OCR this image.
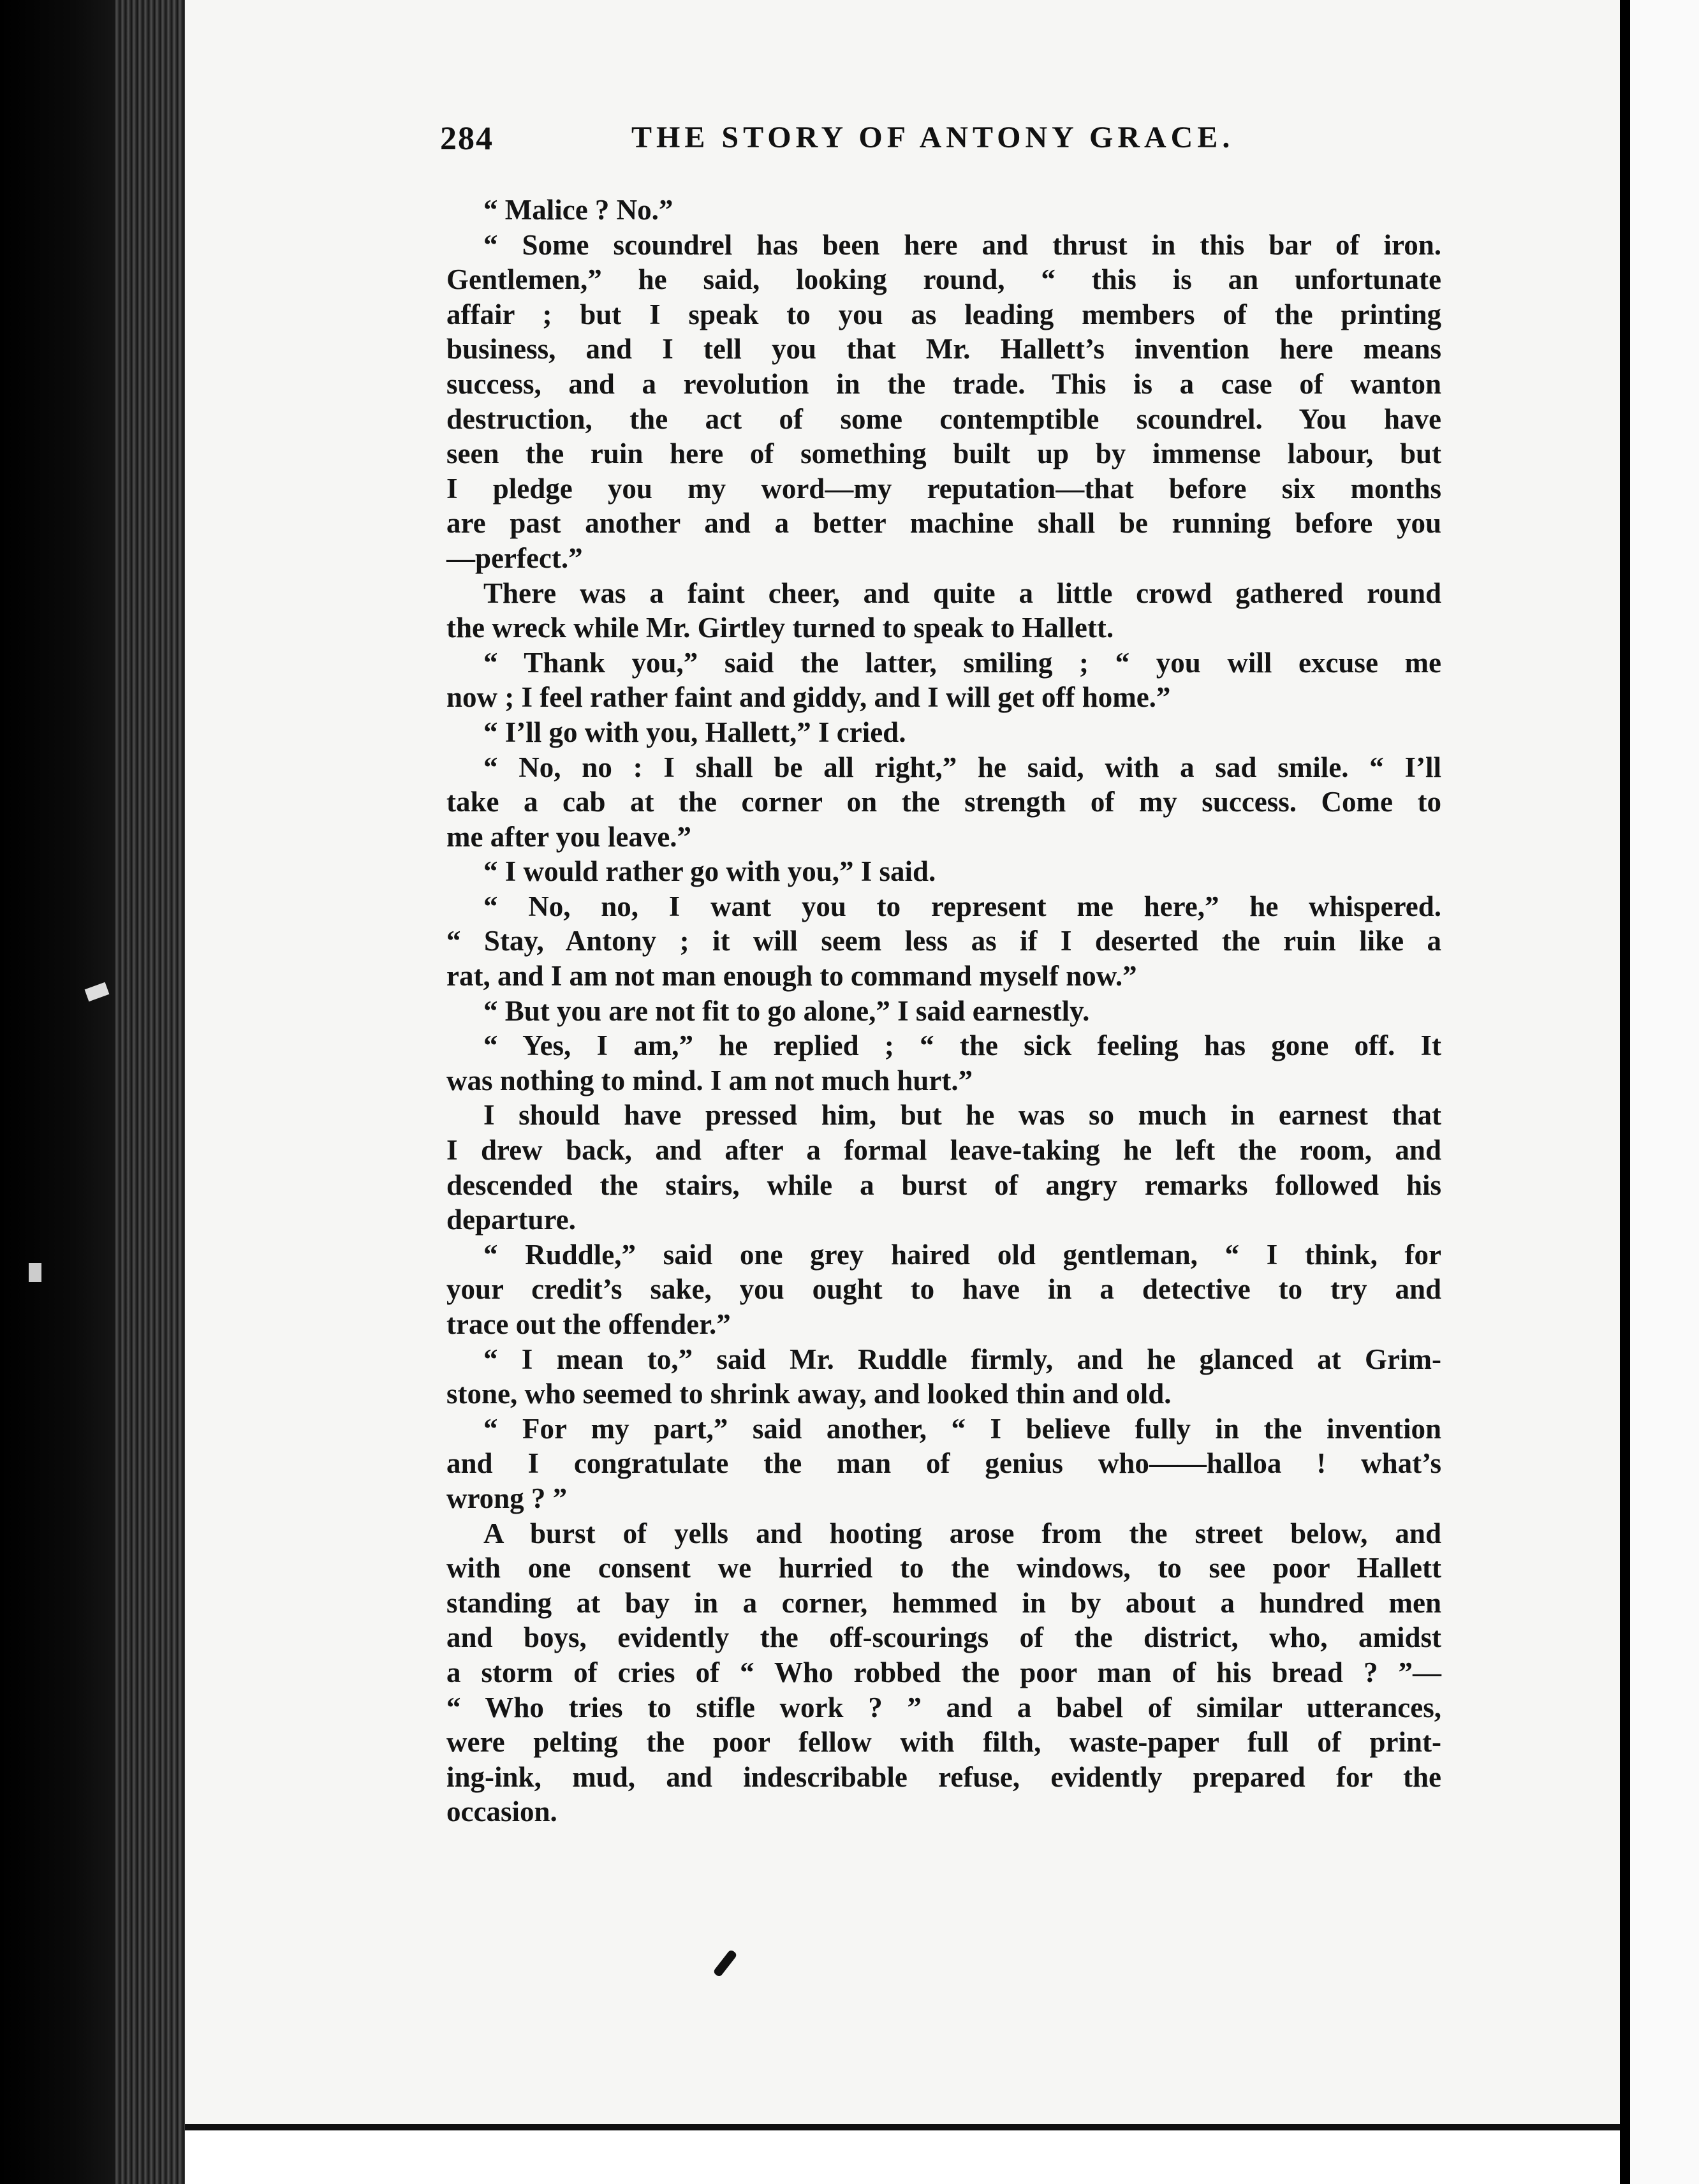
284	THE STORY OF ANTONY GRACE.
“ Malice ? No.”
“ Some scoundrel has been here and thrust in this bar of iron.
Gentlemen,” he said, looking round, “ this is an unfortunate
affair ; but I speak to you as leading members of the printing
business, and I tell you that Mr. Hallett’s invention here means
success, and a revolution in the trade. This is a case of wanton
destruction, the act of some contemptible scoundrel. You have
seen the ruin here of something built up by immense labour, but
I pledge you my word—my reputation—that before six months
are past another and a better machine shall be running before you
—perfect.”
There was a faint cheer, and quite a little crowd gathered round
the wreck while Mr. Girtley turned to speak to Hallett.
“ Thank you,” said the latter, smiling ; “ you will excuse me
now ; I feel rather faint and giddy, and I will get off home.”
“ I’ll go with you, Hallett,” I cried.
“ No, no : I shall be all right,” he said, with a sad smile. “ I’ll
take a cab at the corner on the strength of my success. Come to
me after you leave.”
“ I would rather go with you,” I said.
“ No, no, I want you to represent me here,” he whispered.
“ Stay, Antony ; it will seem less as if I deserted the ruin like a
rat, and I am not man enough to command myself now.”
“ But you are not fit to go alone,” I said earnestly.
“ Yes, I am,” he replied ; “ the sick feeling has gone off. It
was nothing to mind. I am not much hurt.”
I should have pressed him, but he was so much in earnest that
I drew back, and after a formal leave-taking he left the room, and
descended the stairs, while a burst of angry remarks followed his
departure.
“ Ruddle,” said one grey haired old gentleman, “ I think, for
your credit’s sake, you ought to have in a detective to try and
trace out the offender.”
“ I mean to,” said Mr. Ruddle firmly, and he glanced at Grim-
stone, who seemed to shrink away, and looked thin and old.
“ For my part,” said another, “ I believe fully in the invention
and I congratulate the man of genius who——halloa ! what’s
wrong ? ”
A burst of yells and hooting arose from the street below, and
with one consent we hurried to the windows, to see poor Hallett
standing at bay in a corner, hemmed in by about a hundred men
and boys, evidently the off-scourings of the district, who, amidst
a storm of cries of “ Who robbed the poor man of his bread ? ”—
“ Who tries to stifle work ? ” and a babel of similar utterances,
were pelting the poor fellow with filth, waste-paper full of print-
ing-ink, mud, and indescribable refuse, evidently prepared for the
occasion.
